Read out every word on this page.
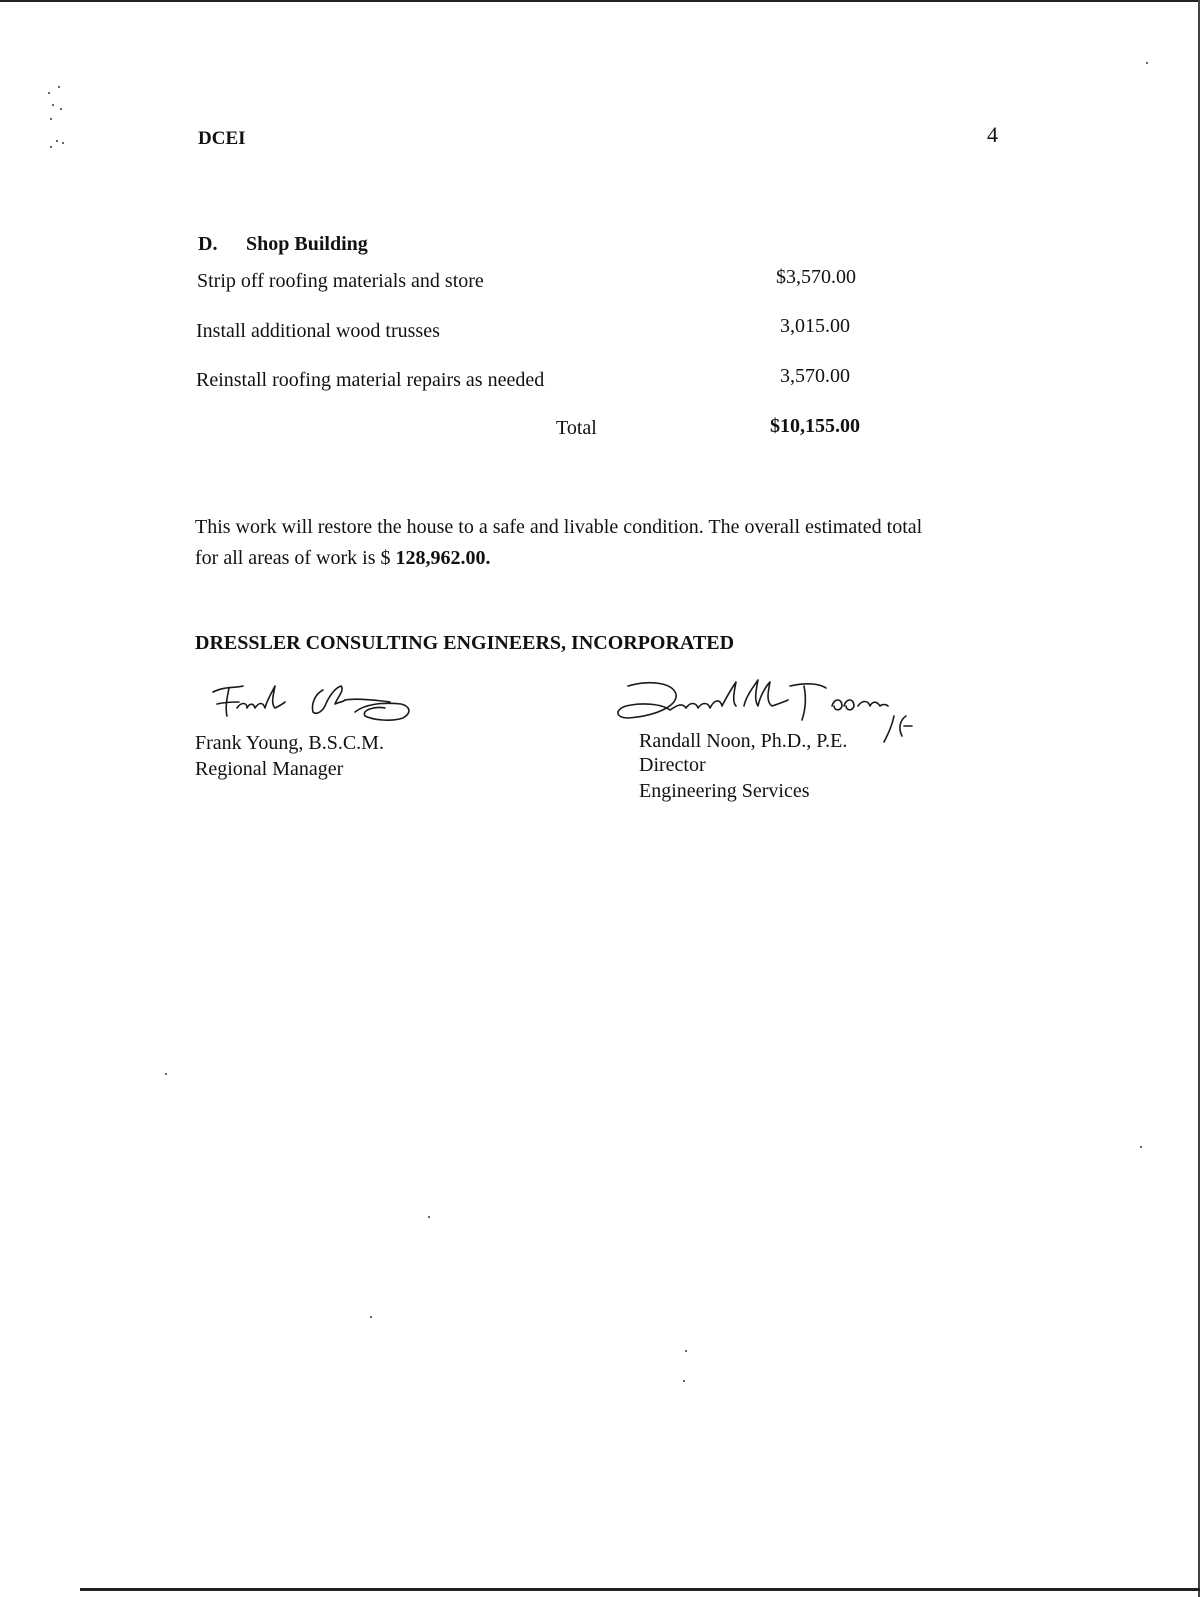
DCEI	4
D. Shop Building
Strip off roofing materials and store	$3,570.00
Install additional wood trusses	3,015.00
Reinstall roofing material repairs as needed	3,570.00
Total	$10,155.00
This work will restore the house to a safe and livable condition. The overall estimated total
for all areas of work is $ 128,962.00.
DRESSLER CONSULTING ENGINEERS, INCORPORATED
Frank Young, B.S.C.M.
Regional Manager
Randall Noon, Ph.D., P.E.
Director
Engineering Services
